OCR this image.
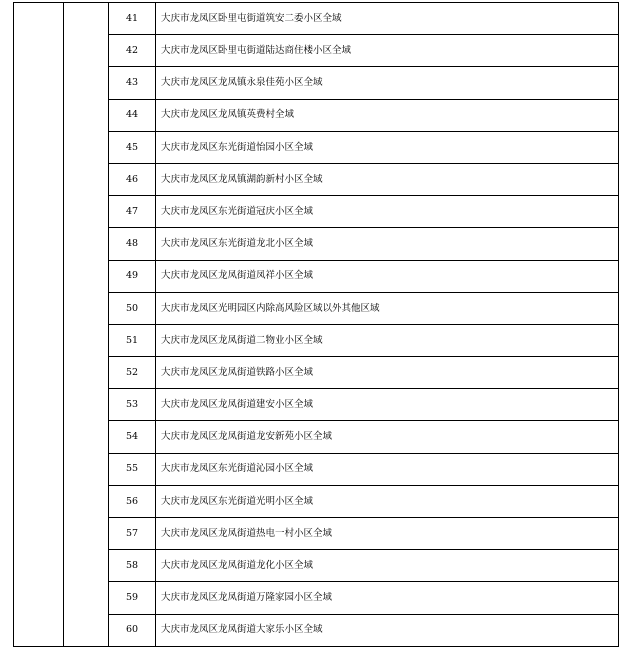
		41	大庆市龙凤区卧里屯街道筑安二委小区全域
		42	大庆市龙凤区卧里屯街道陆达商住楼小区全域
		43	大庆市龙凤区龙凤镇永泉佳苑小区全域
		44	大庆市龙凤区龙凤镇英费村全域
		45	大庆市龙凤区东光街道怡园小区全域
		46	大庆市龙凤区龙凤镇湖韵新村小区全域
		47	大庆市龙凤区东光街道冠庆小区全域
		48	大庆市龙凤区东光街道龙北小区全域
		49	大庆市龙凤区龙凤街道凤祥小区全域
		50	大庆市龙凤区光明园区内除高风险区域以外其他区域
		51	大庆市龙凤区龙凤街道二物业小区全域
		52	大庆市龙凤区龙凤街道铁路小区全域
		53	大庆市龙凤区龙凤街道建安小区全域
		54	大庆市龙凤区龙凤街道龙安新苑小区全域
		55	大庆市龙凤区东光街道沁园小区全域
		56	大庆市龙凤区东光街道光明小区全域
		57	大庆市龙凤区龙凤街道热电一村小区全域
		58	大庆市龙凤区龙凤街道龙化小区全域
		59	大庆市龙凤区龙凤街道万隆家园小区全域
		60	大庆市龙凤区龙凤街道大家乐小区全域
